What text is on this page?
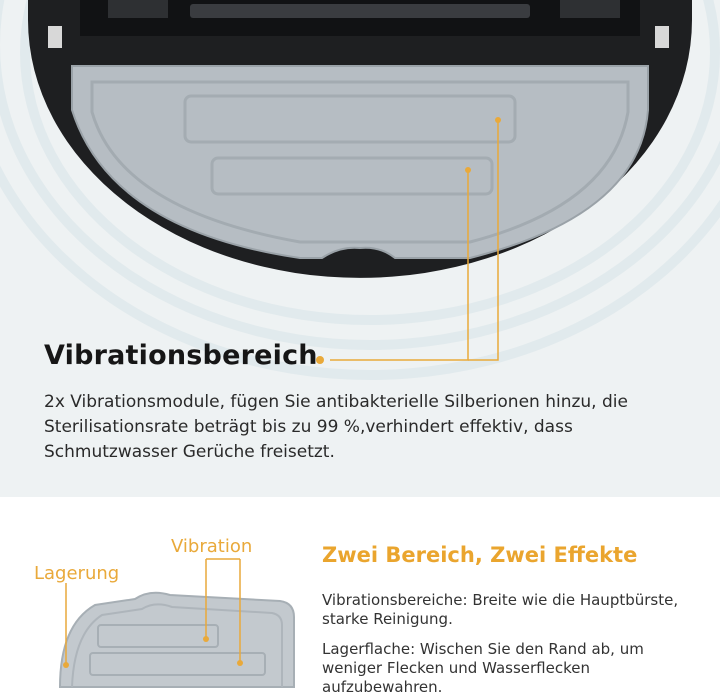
Vibrationsbereich
2x Vibrationsmodule, fügen Sie antibakterielle Silberionen hinzu, die Sterilisationsrate beträgt bis zu 99 %,verhindert effektiv, dass Schmutzwasser Gerüche freisetzt.
Vibration
Lagerung
Zwei Bereich, Zwei Effekte
Vibrationsbereiche: Breite wie die Hauptbürste, starke Reinigung.
Lagerflache: Wischen Sie den Rand ab, um weniger Flecken und Wasserflecken aufzubewahren.
